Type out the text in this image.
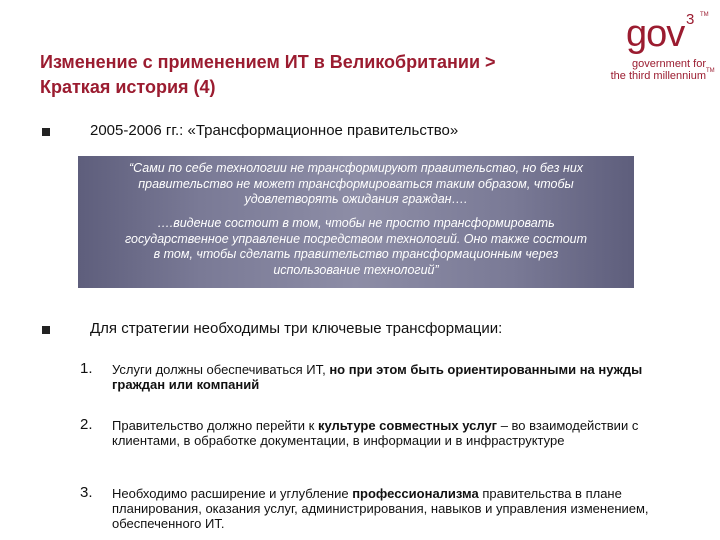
Изменение с применением ИТ в Великобритании >
Краткая история (4)
gov 3 TM
government for
the third millennium TM
2005-2006 гг.: «Трансформационное правительство»
“Сами по себе технологии не трансформируют правительство, но без них
правительство не может трансформироваться таким образом, чтобы
удовлетворять ожидания граждан….
….видение состоит в том, чтобы не просто трансформировать
государственное управление посредством технологий. Оно также состоит
в том, чтобы сделать правительство трансформационным через
использование технологий”
Для стратегии необходимы три ключевые трансформации:
1. Услуги должны обеспечиваться ИТ, но при этом быть ориентированными на нужды граждан или компаний
2. Правительство должно перейти к культуре совместных услуг – во взаимодействии с клиентами, в обработке документации, в информации и в инфраструктуре
3. Необходимо расширение и углубление профессионализма правительства в плане планирования, оказания услуг, администрирования, навыков и управления изменением, обеспеченного ИТ.
